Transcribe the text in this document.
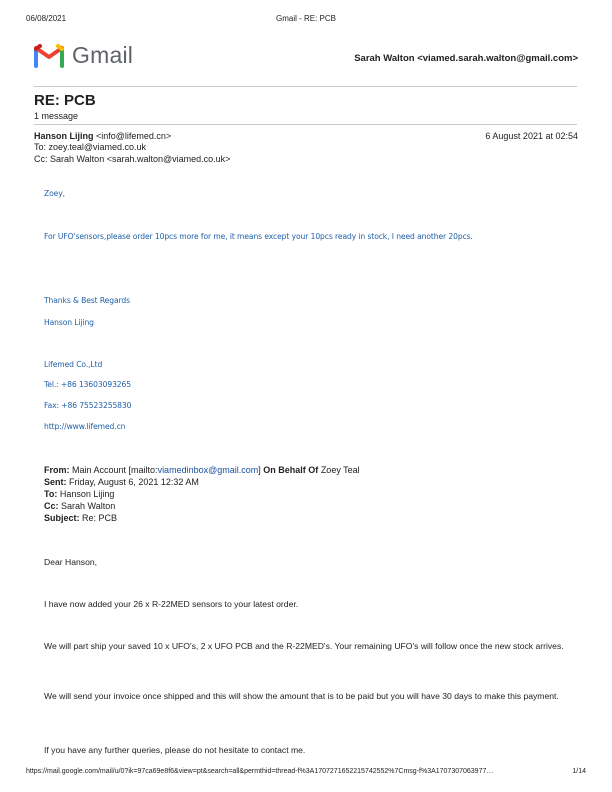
06/08/2021	Gmail - RE: PCB
Gmail	Sarah Walton <viamed.sarah.walton@gmail.com>
RE: PCB
1 message
Hanson Lijing <info@lifemed.cn>	6 August 2021 at 02:54
To: zoey.teal@viamed.co.uk
Cc: Sarah Walton <sarah.walton@viamed.co.uk>
Zoey,
For UFO'sensors,please order 10pcs more for me, it means except your 10pcs ready in stock, I need another 20pcs.
Thanks & Best Regards
Hanson Lijing
Lifemed Co.,Ltd
Tel.: +86 13603093265
Fax: +86 75523255830
http://www.lifemed.cn
From: Main Account [mailto:viamedinbox@gmail.com] On Behalf Of Zoey Teal
Sent: Friday, August 6, 2021 12:32 AM
To: Hanson Lijing
Cc: Sarah Walton
Subject: Re: PCB
Dear Hanson,
I have now added your 26 x R-22MED sensors to your latest order.
We will part ship your saved 10 x UFO's, 2 x UFO PCB and the R-22MED's. Your remaining UFO's will follow once the new stock arrives.
We will send your invoice once shipped and this will show the amount that is to be paid but you will have 30 days to make this payment.
If you have any further queries, please do not hesitate to contact me.
https://mail.google.com/mail/u/0?ik=97ca69e8f6&view=pt&search=all&permthid=thread-f%3A1707271652215742552%7Cmsg-f%3A1707307063977…	1/14
